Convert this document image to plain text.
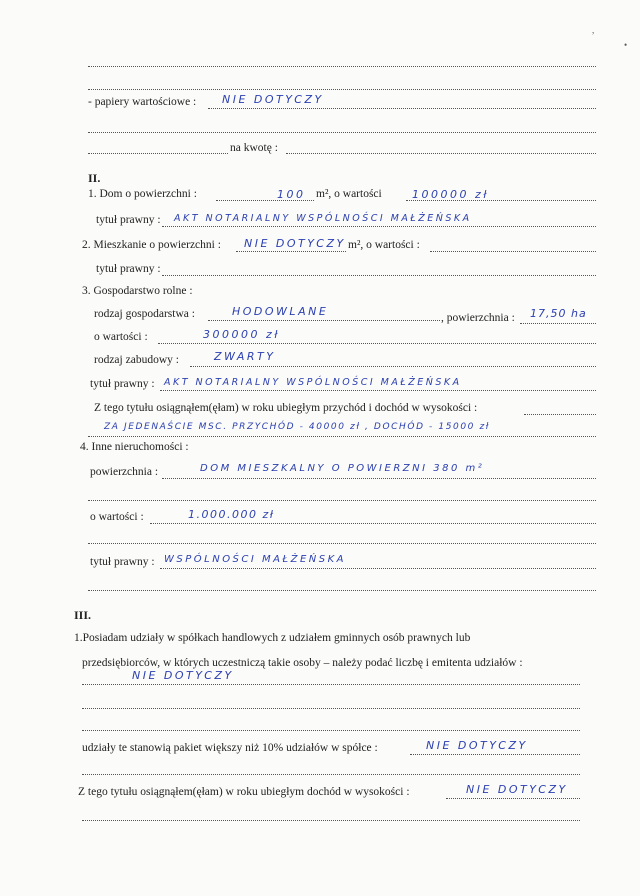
,
•
- papiery wartościowe : NIE DOTYCZY
na kwotę :
II.
1. Dom o powierzchni :	100 m², o wartości	100000 zł
tytuł prawny : AKT NOTARIALNY WSPÓLNOŚCI MAŁŻEŃSKA
2. Mieszkanie o powierzchni : NIE DOTYCZY m², o wartości :
tytuł prawny :
3. Gospodarstwo rolne :
rodzaj gospodarstwa :	HODOWLANE	, powierzchnia : 17,50 ha
o wartości :	300000 zł
rodzaj zabudowy :	ZWARTY
tytuł prawny : AKT NOTARIALNY WSPÓLNOŚCI MAŁŻEŃSKA
Z tego tytułu osiągnąłem(ęłam) w roku ubiegłym przychód i dochód w wysokości :
ZA JEDENAŚCIE MSC. PRZYCHÓD - 40000 zł , DOCHÓD - 15000 zł
4. Inne nieruchomości :
powierzchnia :	DOM MIESZKALNY O POWIERZNI 380 m²
o wartości :	1.000.000 zł
tytuł prawny : WSPÓLNOŚCI MAŁŻEŃSKA
III.
1.Posiadam udziały w spółkach handlowych z udziałem gminnych osób prawnych lub
przedsiębiorców, w których uczestniczą takie osoby – należy podać liczbę i emitenta udziałów :
NIE DOTYCZY
udziały te stanowią pakiet większy niż 10% udziałów w spółce :	NIE DOTYCZY
Z tego tytułu osiągnąłem(ęłam) w roku ubiegłym dochód w wysokości :	NIE DOTYCZY
